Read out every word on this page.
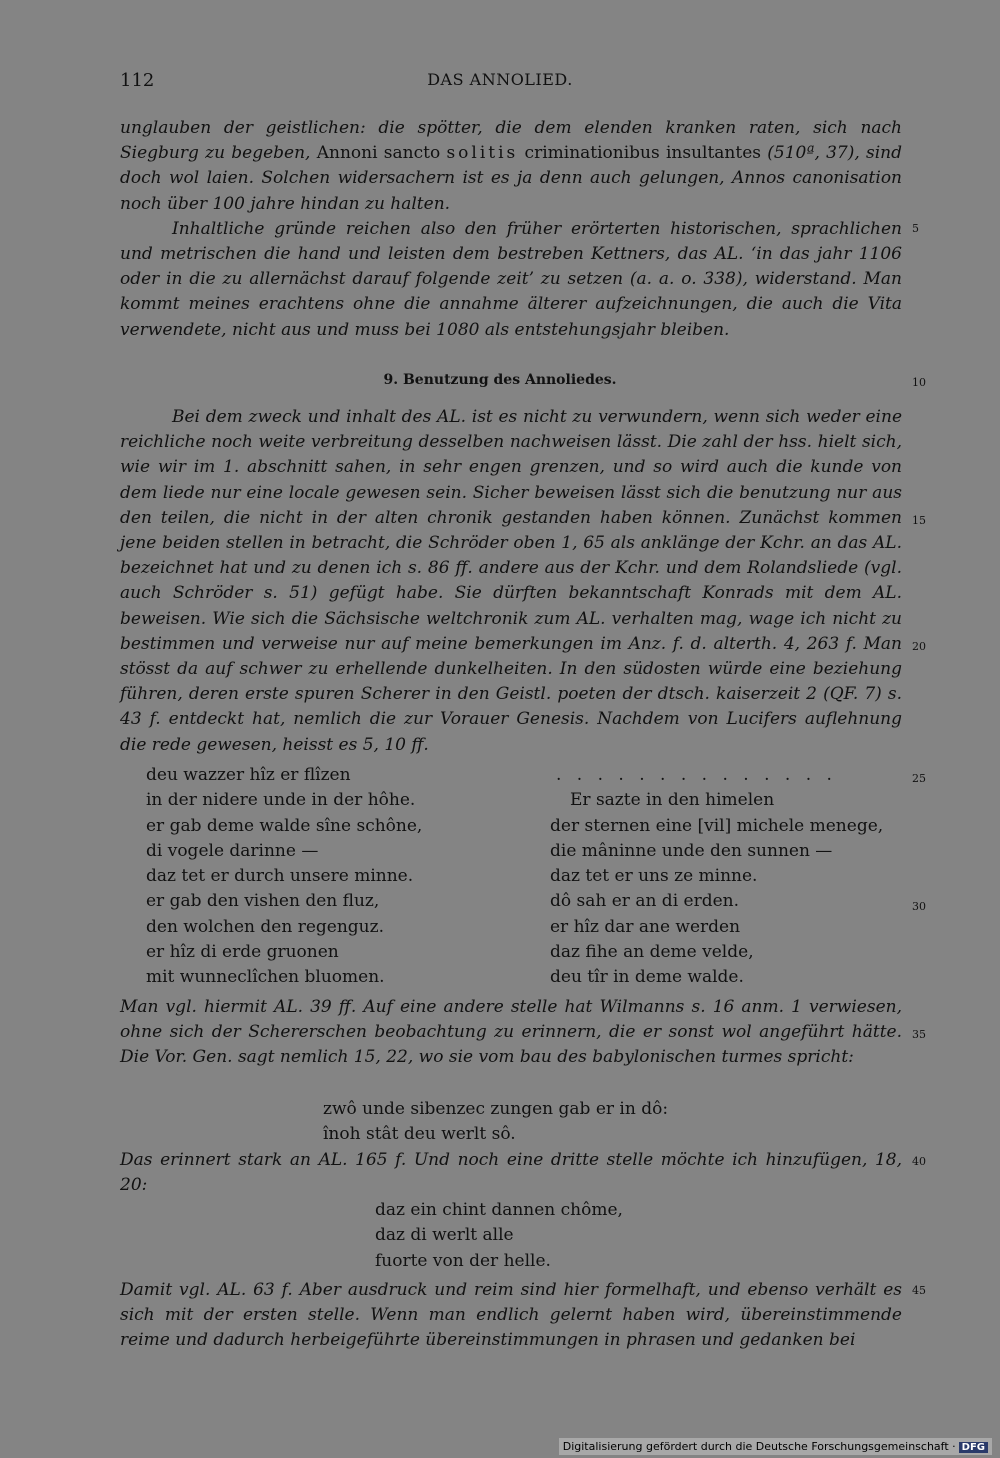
112	DAS ANNOLIED.

unglauben der geistlichen: die spötter, die dem elenden kranken raten, sich nach Siegburg zu begeben, Annoni sancto solitis criminationibus insultantes (510ª, 37), sind doch wol laien. Solchen widersachern ist es ja denn auch gelungen, Annos canonisation noch über 100 jahre hindan zu halten.

Inhaltliche gründe reichen also den früher erörterten historischen, sprachlichen und metrischen die hand und leisten dem bestreben Kettners, das AL. ‘in das jahr 1106 oder in die zu allernächst darauf folgende zeit’ zu setzen (a. a. o. 338), widerstand. Man kommt meines erachtens ohne die annahme älterer aufzeichnungen, die auch die Vita verwendete, nicht aus und muss bei 1080 als entstehungsjahr bleiben.

9. Benutzung des Annoliedes.

Bei dem zweck und inhalt des AL. ist es nicht zu verwundern, wenn sich weder eine reichliche noch weite verbreitung desselben nachweisen lässt. Die zahl der hss. hielt sich, wie wir im 1. abschnitt sahen, in sehr engen grenzen, und so wird auch die kunde von dem liede nur eine locale gewesen sein. Sicher beweisen lässt sich die benutzung nur aus den teilen, die nicht in der alten chronik gestanden haben können. Zunächst kommen jene beiden stellen in betracht, die Schröder oben 1, 65 als anklänge der Kchr. an das AL. bezeichnet hat und zu denen ich s. 86 ff. andere aus der Kchr. und dem Rolandsliede (vgl. auch Schröder s. 51) gefügt habe. Sie dürften bekanntschaft Konrads mit dem AL. beweisen. Wie sich die Sächsische weltchronik zum AL. verhalten mag, wage ich nicht zu bestimmen und verweise nur auf meine bemerkungen im Anz. f. d. alterth. 4, 263 f. Man stösst da auf schwer zu erhellende dunkelheiten. In den südosten würde eine beziehung führen, deren erste spuren Scherer in den Geistl. poeten der dtsch. kaiserzeit 2 (QF. 7) s. 43 f. entdeckt hat, nemlich die zur Vorauer Genesis. Nachdem von Lucifers auflehnung die rede gewesen, heisst es 5, 10 ff.

deu wazzer hîz er flîzen
in der nidere unde in der hôhe.
er gab deme walde sîne schône,
di vogele darinne —
daz tet er durch unsere minne.
er gab den vishen den fluz,
den wolchen den regenguz.
er hîz di erde gruonen
mit wunneclîchen bluomen.
. . . . . . . . . . . . . .
Er sazte in den himelen
der sternen eine [vil] michele menege,
die mâninne unde den sunnen —
daz tet er uns ze minne.
dô sah er an di erden.
er hîz dar ane werden
daz fihe an deme velde,
deu tîr in deme walde.

Man vgl. hiermit AL. 39 ff. Auf eine andere stelle hat Wilmanns s. 16 anm. 1 verwiesen, ohne sich der Schererschen beobachtung zu erinnern, die er sonst wol angeführt hätte. Die Vor. Gen. sagt nemlich 15, 22, wo sie vom bau des babylonischen turmes spricht:

zwô unde sibenzec zungen gab er in dô:
înoh stât deu werlt sô.

Das erinnert stark an AL. 165 f. Und noch eine dritte stelle möchte ich hinzufügen, 18, 20:

daz ein chint dannen chôme,
daz di werlt alle
fuorte von der helle.

Damit vgl. AL. 63 f. Aber ausdruck und reim sind hier formelhaft, und ebenso verhält es sich mit der ersten stelle. Wenn man endlich gelernt haben wird, übereinstimmende reime und dadurch herbeigeführte übereinstimmungen in phrasen und gedanken bei

5
10
15
20
25
30
35
40
45
Digitalisierung gefördert durch die Deutsche Forschungsgemeinschaft · DFG
